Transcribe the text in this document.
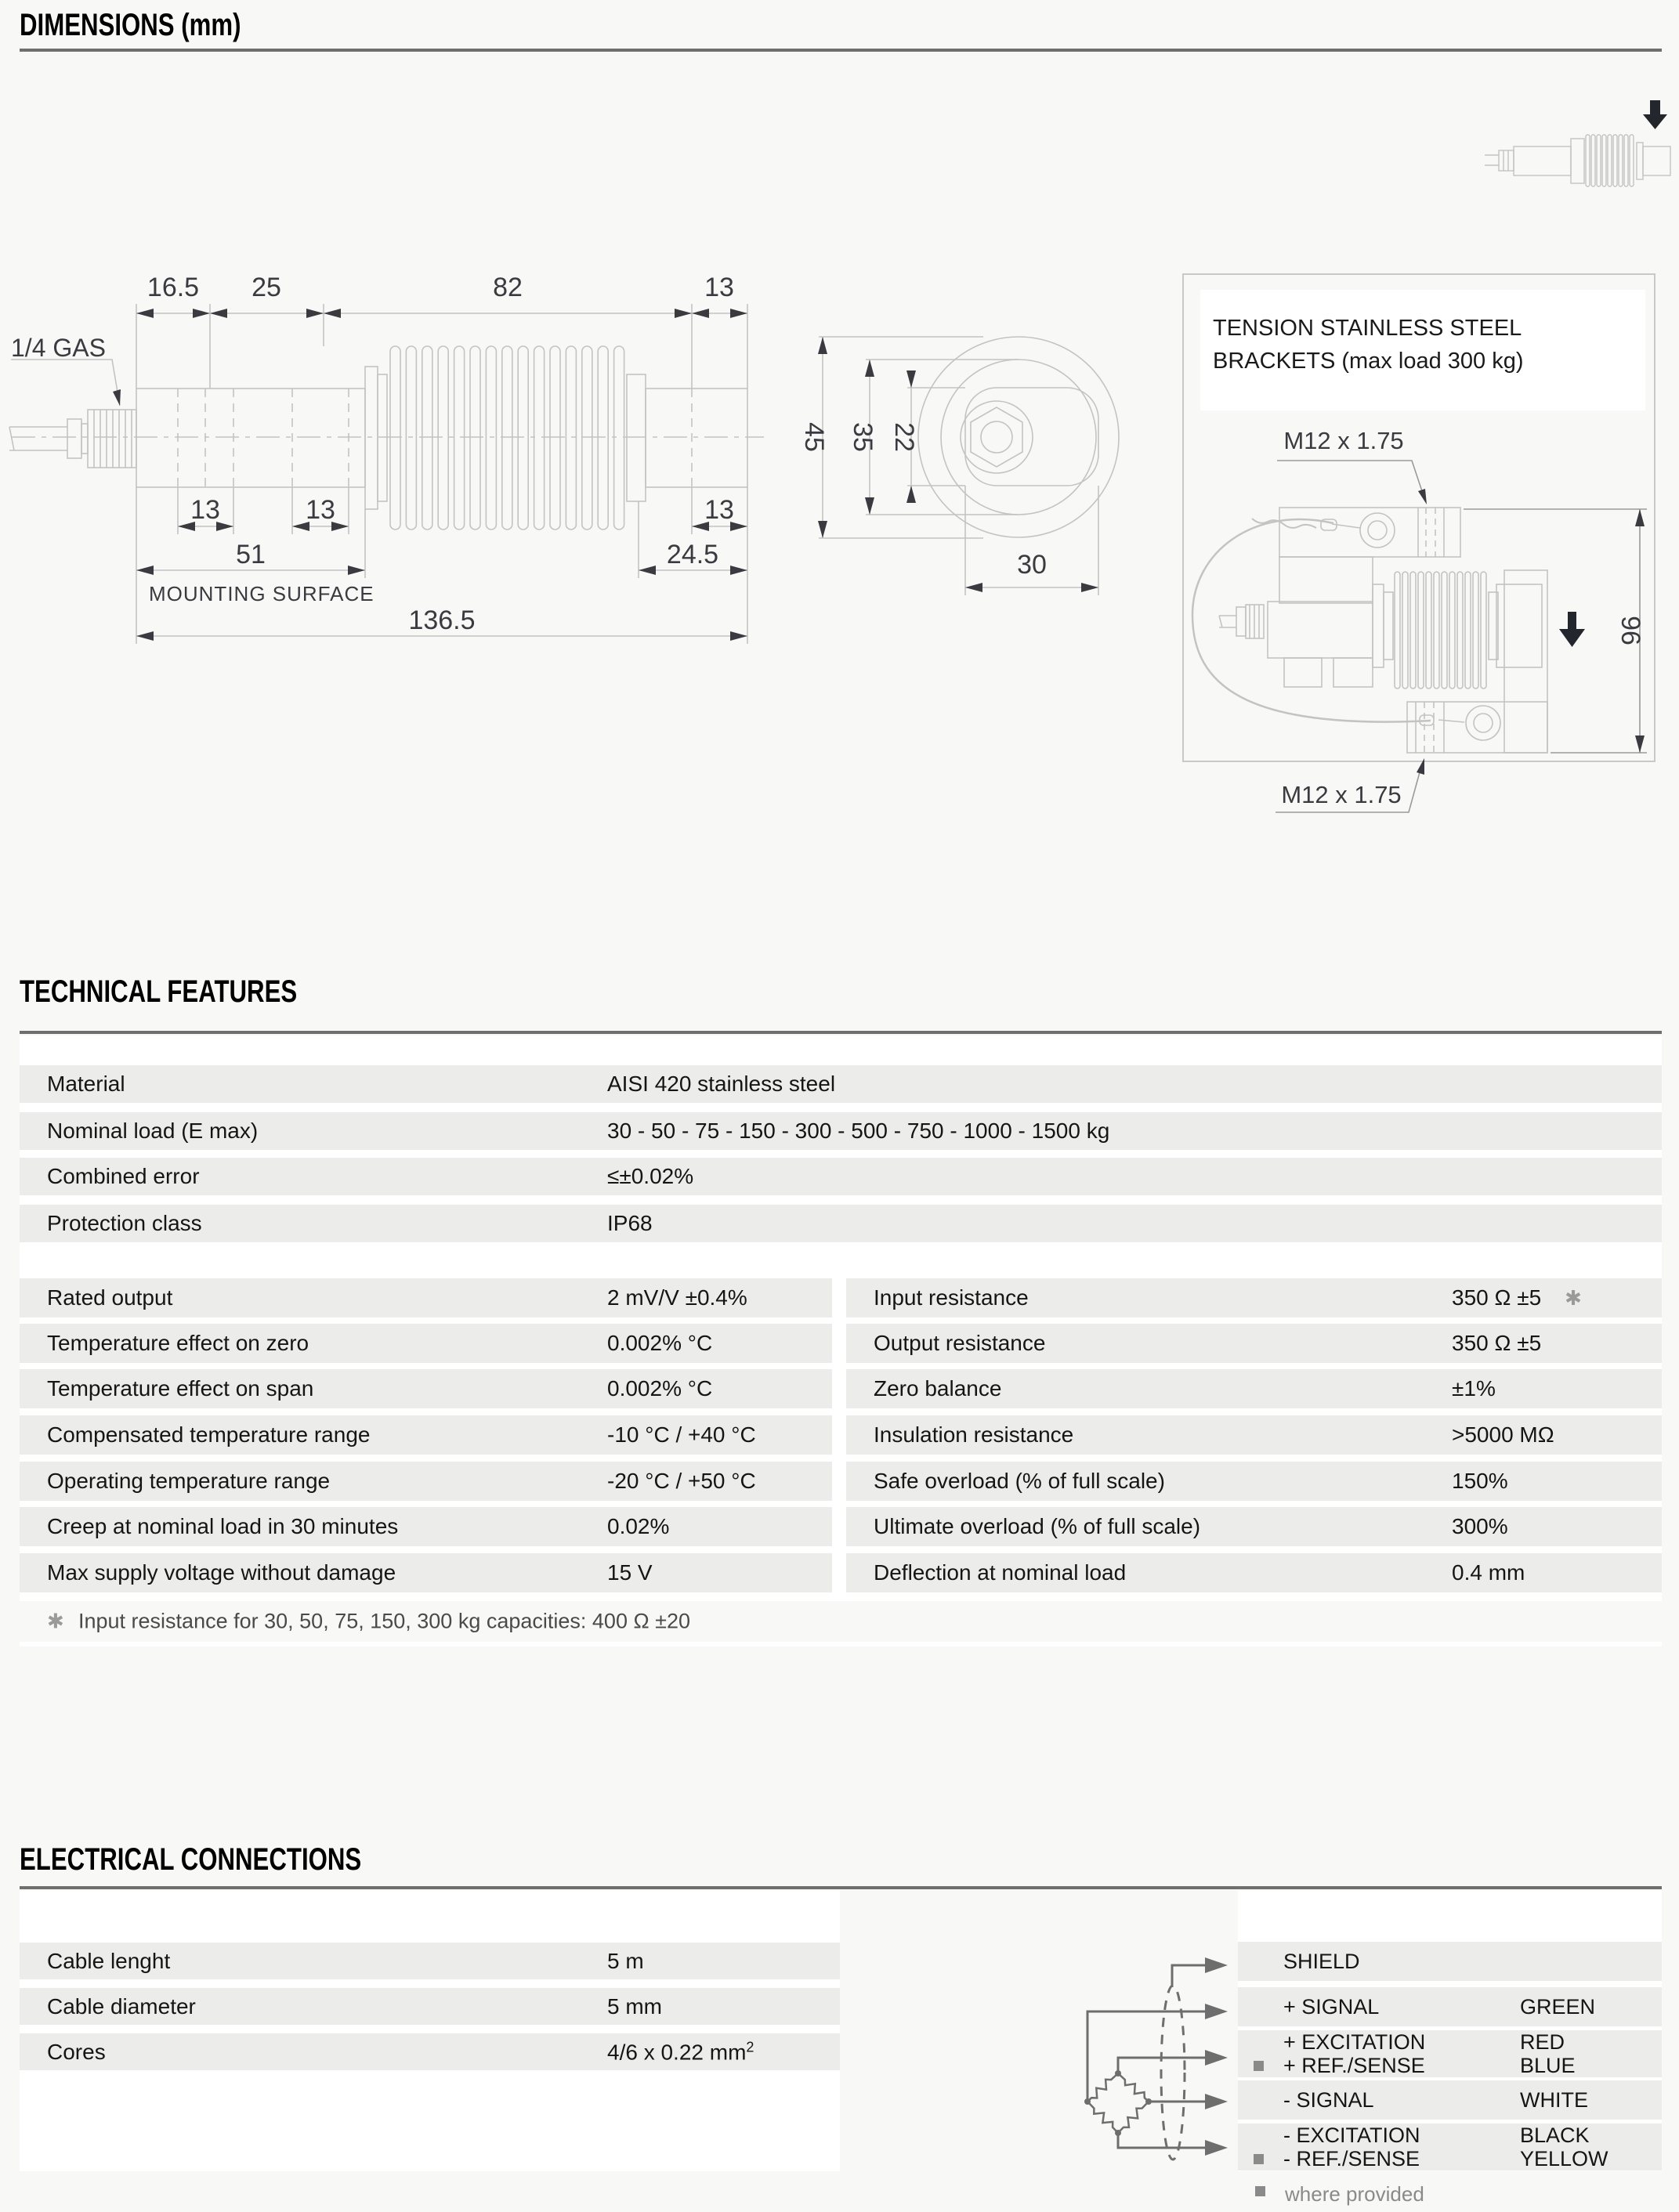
DIMENSIONS (mm)
16.5 25	82	13
13	13	13
51	24.5
MOUNTING SURFACE
136.5
1/4 GAS
45 35 22
30
TENSION STAINLESS STEEL
BRACKETS (max load 300 kg)
M12 x 1.75
M12 x 1.75
96
TECHNICAL FEATURES
Material	AISI 420 stainless steel
Nominal load (E max)	30 - 50 - 75 - 150 - 300 - 500 - 750 - 1000 - 1500 kg
Combined error	≤±0.02%
Protection class	IP68
Rated output	2 mV/V ±0.4%
Temperature effect on zero	0.002% °C
Temperature effect on span	0.002% °C
Compensated temperature range	-10 °C / +40 °C
Operating temperature range	-20 °C / +50 °C
Creep at nominal load in 30 minutes	0.02%
Max supply voltage without damage	15 V
Input resistance	350 Ω ±5 ✱
Output resistance	350 Ω ±5
Zero balance	±1%
Insulation resistance	>5000 MΩ
Safe overload (% of full scale)	150%
Ultimate overload (% of full scale)	300%
Deflection at nominal load	0.4 mm
✱ Input resistance for 30, 50, 75, 150, 300 kg capacities: 400 Ω ±20
ELECTRICAL CONNECTIONS
Cable lenght	5 m
Cable diameter	5 mm
Cores	4/6 x 0.22 $mm^2$
SHIELD
+ SIGNAL	GREEN
+ EXCITATION	RED
+ REF./SENSE	BLUE
- SIGNAL	WHITE
- EXCITATION	BLACK
- REF./SENSE	YELLOW
where provided
